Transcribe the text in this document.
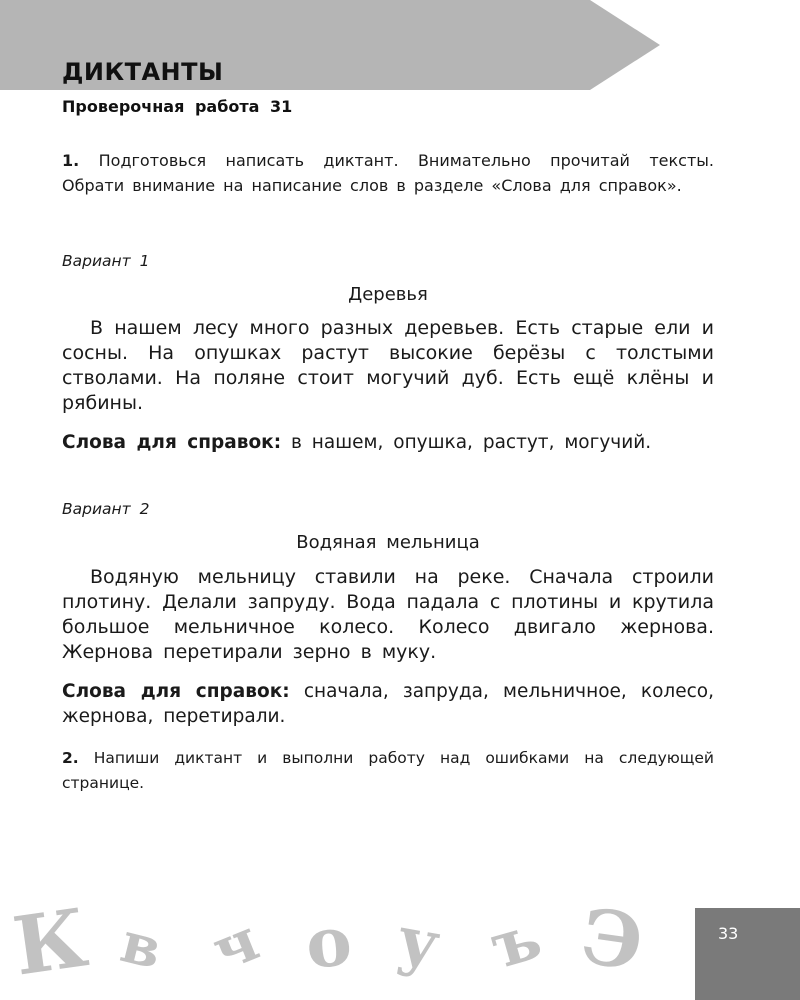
ДИКТАНТЫ
Проверочная работа 31

1. Подготовься написать диктант. Внимательно прочитай тексты. Обрати внимание на написание слов в разделе «Слова для справок».

Вариант 1

Деревья

В нашем лесу много разных деревьев. Есть старые ели и сосны. На опушках растут высокие берёзы с толстыми стволами. На поляне стоит могучий дуб. Есть ещё клёны и рябины.

Слова для справок: в нашем, опушка, растут, могучий.

Вариант 2

Водяная мельница

Водяную мельницу ставили на реке. Сначала строили плотину. Делали запруду. Вода падала с плотины и крутила большое мельничное колесо. Колесо двигало жернова. Жернова перетирали зерно в муку.

Слова для справок: сначала, запруда, мельничное, колесо, жернова, перетирали.

2. Напиши диктант и выполни работу над ошибками на следующей странице.

К в ч о у ъ Э	33
